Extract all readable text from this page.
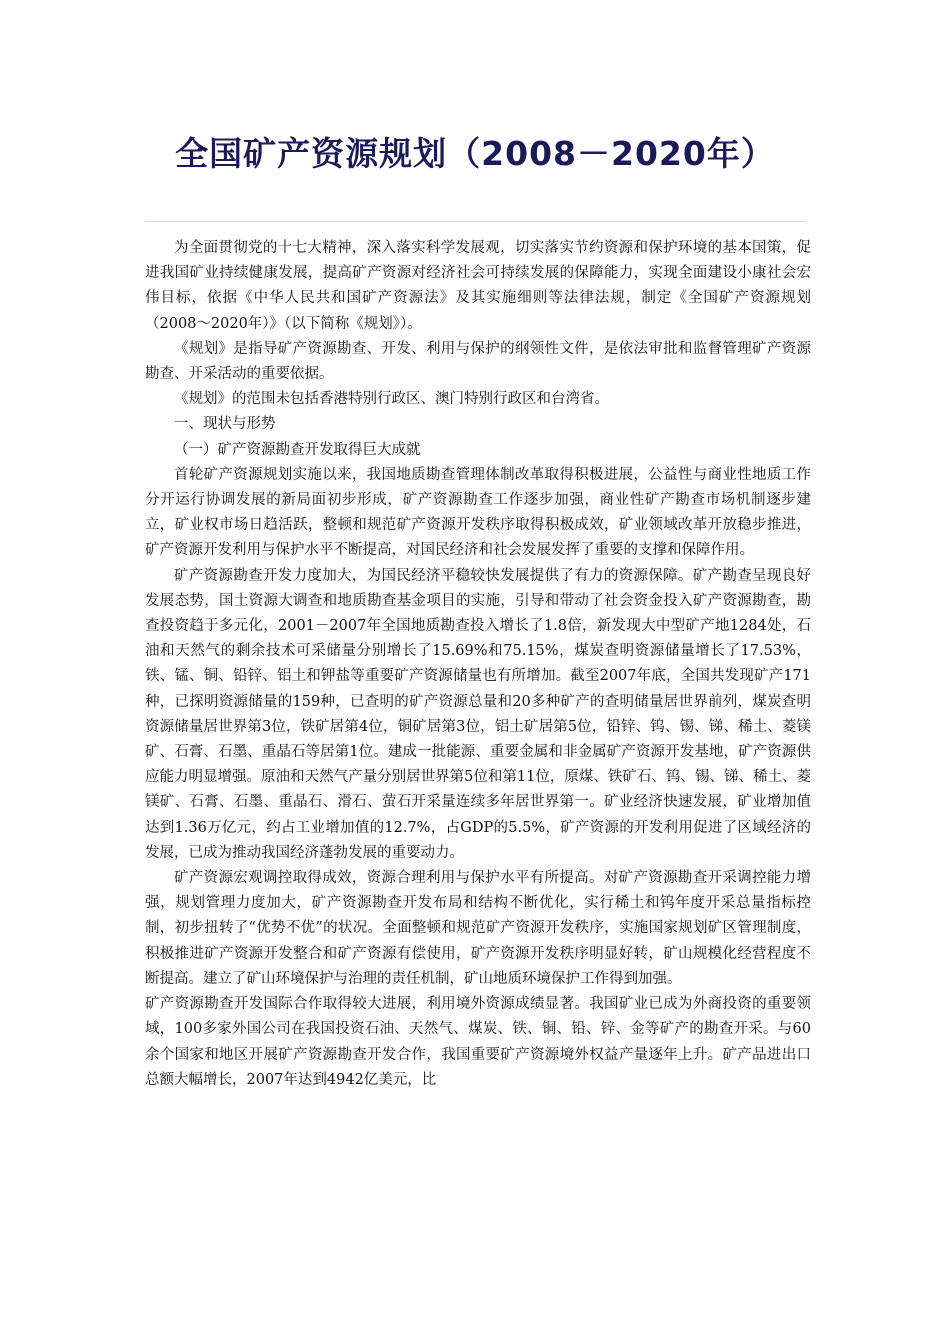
全国矿产资源规划（2008－2020年）

为全面贯彻党的十七大精神，深入落实科学发展观，切实落实节约资源和保护环境的基本国策，促进我国矿业持续健康发展，提高矿产资源对经济社会可持续发展的保障能力，实现全面建设小康社会宏伟目标，依据《中华人民共和国矿产资源法》及其实施细则等法律法规，制定《全国矿产资源规划（2008～2020年）》（以下简称《规划》）。

《规划》是指导矿产资源勘查、开发、利用与保护的纲领性文件，是依法审批和监督管理矿产资源勘查、开采活动的重要依据。

《规划》的范围未包括香港特别行政区、澳门特别行政区和台湾省。

一、现状与形势

（一）矿产资源勘查开发取得巨大成就

首轮矿产资源规划实施以来，我国地质勘查管理体制改革取得积极进展，公益性与商业性地质工作分开运行协调发展的新局面初步形成，矿产资源勘查工作逐步加强，商业性矿产勘查市场机制逐步建立，矿业权市场日趋活跃，整顿和规范矿产资源开发秩序取得积极成效，矿业领域改革开放稳步推进，矿产资源开发利用与保护水平不断提高，对国民经济和社会发展发挥了重要的支撑和保障作用。

矿产资源勘查开发力度加大，为国民经济平稳较快发展提供了有力的资源保障。矿产勘查呈现良好发展态势，国土资源大调查和地质勘查基金项目的实施，引导和带动了社会资金投入矿产资源勘查，勘查投资趋于多元化，2001－2007年全国地质勘查投入增长了1.8倍，新发现大中型矿产地1284处，石油和天然气的剩余技术可采储量分别增长了15.69%和75.15%，煤炭查明资源储量增长了17.53%，铁、锰、铜、铅锌、铝土和钾盐等重要矿产资源储量也有所增加。截至2007年底，全国共发现矿产171种，已探明资源储量的159种，已查明的矿产资源总量和20多种矿产的查明储量居世界前列，煤炭查明资源储量居世界第3位，铁矿居第4位，铜矿居第3位，铝土矿居第5位，铅锌、钨、锡、锑、稀土、菱镁矿、石膏、石墨、重晶石等居第1位。建成一批能源、重要金属和非金属矿产资源开发基地，矿产资源供应能力明显增强。原油和天然气产量分别居世界第5位和第11位，原煤、铁矿石、钨、锡、锑、稀土、菱镁矿、石膏、石墨、重晶石、滑石、萤石开采量连续多年居世界第一。矿业经济快速发展，矿业增加值达到1.36万亿元，约占工业增加值的12.7%，占GDP的5.5%，矿产资源的开发利用促进了区域经济的发展，已成为推动我国经济蓬勃发展的重要动力。

矿产资源宏观调控取得成效，资源合理利用与保护水平有所提高。对矿产资源勘查开采调控能力增强，规划管理力度加大，矿产资源勘查开发布局和结构不断优化，实行稀土和钨年度开采总量指标控制，初步扭转了“优势不优”的状况。全面整顿和规范矿产资源开发秩序，实施国家规划矿区管理制度，积极推进矿产资源开发整合和矿产资源有偿使用，矿产资源开发秩序明显好转，矿山规模化经营程度不断提高。建立了矿山环境保护与治理的责任机制，矿山地质环境保护工作得到加强。

矿产资源勘查开发国际合作取得较大进展，利用境外资源成绩显著。我国矿业已成为外商投资的重要领域，100多家外国公司在我国投资石油、天然气、煤炭、铁、铜、铅、锌、金等矿产的勘查开采。与60余个国家和地区开展矿产资源勘查开发合作，我国重要矿产资源境外权益产量逐年上升。矿产品进出口总额大幅增长，2007年达到4942亿美元，比
